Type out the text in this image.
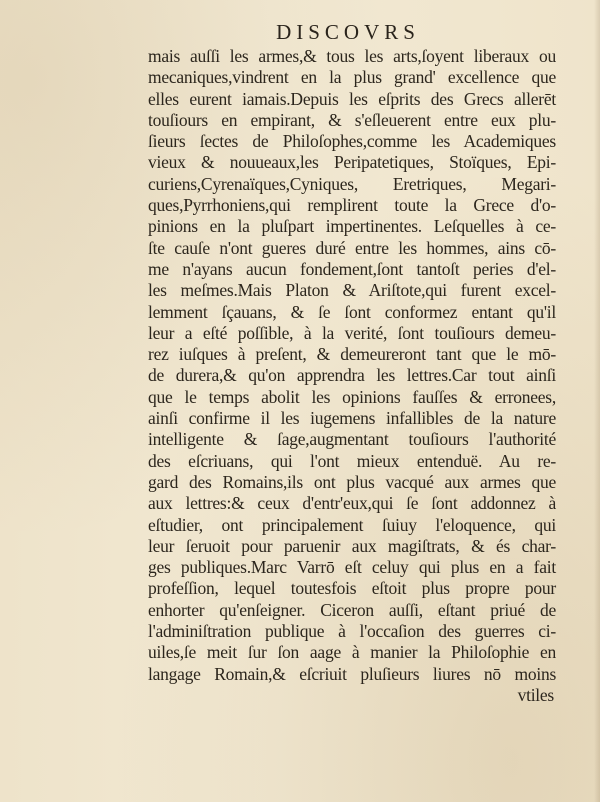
DISCOVRS
mais auſſi les armes,& tous les arts,ſoyent liberaux ou
mecaniques,vindrent en la plus grand' excellence que
elles eurent iamais.Depuis les eſprits des Grecs allerēt
touſiours en empirant, & s'eſleuerent entre eux plu-
ſieurs ſectes de Philoſophes,comme les Academiques
vieux & nouueaux,les Peripatetiques, Stoïques, Epi-
curiens,Cyrenaïques,Cyniques, Eretriques, Megari-
ques,Pyrrhoniens,qui remplirent toute la Grece d'o-
pinions en la pluſpart impertinentes. Leſquelles à ce-
ſte cauſe n'ont gueres duré entre les hommes, ains cō-
me n'ayans aucun fondement,ſont tantoſt peries d'el-
les meſmes.Mais Platon & Ariſtote,qui furent excel-
lemment ſçauans, & ſe ſont conformez entant qu'il
leur a eſté poſſible, à la verité, ſont touſiours demeu-
rez iuſques à preſent, & demeureront tant que le mō-
de durera,& qu'on apprendra les lettres.Car tout ainſi
que le temps abolit les opinions fauſſes & erronees,
ainſi confirme il les iugemens infallibles de la nature
intelligente & ſage,augmentant touſiours l'authorité
des eſcriuans, qui l'ont mieux entenduë. Au re-
gard des Romains,ils ont plus vacqué aux armes que
aux lettres:& ceux d'entr'eux,qui ſe ſont addonnez à
eſtudier, ont principalement ſuiuy l'eloquence, qui
leur ſeruoit pour paruenir aux magiſtrats, & és char-
ges publiques.Marc Varrō eſt celuy qui plus en a fait
profeſſion, lequel toutesfois eſtoit plus propre pour
enhorter qu'enſeigner. Ciceron auſſi, eſtant priué de
l'adminiſtration publique à l'occaſion des guerres ci-
uiles,ſe meit ſur ſon aage à manier la Philoſophie en
langage Romain,& eſcriuit pluſieurs liures nō moins
vtiles
